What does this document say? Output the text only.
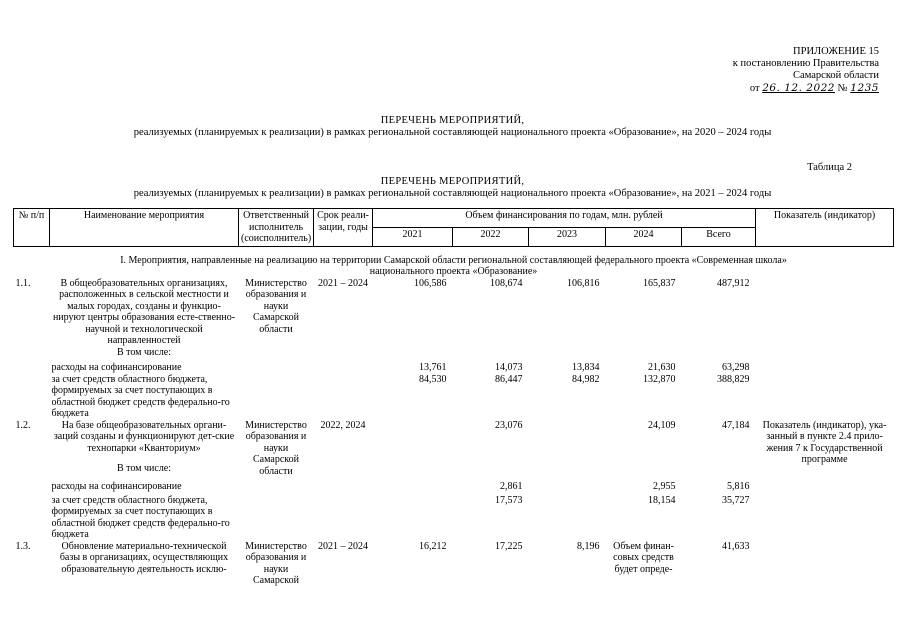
ПРИЛОЖЕНИЕ 15
к постановлению Правительства
Самарской области
от 26. 12. 2022 № 1235
ПЕРЕЧЕНЬ МЕРОПРИЯТИЙ,
реализуемых (планируемых к реализации) в рамках региональной составляющей национального проекта «Образование», на 2020 – 2024 годы
Таблица 2
ПЕРЕЧЕНЬ МЕРОПРИЯТИЙ,
реализуемых (планируемых к реализации) в рамках региональной составляющей национального проекта «Образование», на 2021 – 2024 годы
№ п/п	Наименование мероприятия	Ответственный исполнитель (соисполнитель)	Срок реали-зации, годы	Объем финансирования по годам, млн. рублей					Показатель (индикатор)
				2021	2022	2023	2024	Всего	
I. Мероприятия, направленные на реализацию на территории Самарской области региональной составляющей федерального проекта «Современная школа» национального проекта «Образование»									
1.1.	В общеобразовательных организациях, расположенных в сельской местности и малых городах, созданы и функцио-нируют центры образования есте-ственно-научной и технологической направленностей	Министерство образования и науки Самарской области	2021 – 2024	106,586	108,674	106,816	165,837	487,912	
	В том числе:								
	расходы на софинансирование			13,761	14,073	13,834	21,630	63,298	
	за счет средств областного бюджета, формируемых за счет поступающих в областной бюджет средств федерально-го бюджета			84,530	86,447	84,982	132,870	388,829	
1.2.	На базе общеобразовательных органи-заций созданы и функционируют дет-ские технопарки «Кванториум»	Министерство образования и науки Самарской области	2022, 2024		23,076		24,109	47,184	Показатель (индикатор), ука-занный в пункте 2.4 прило-жения 7 к Государственной программе
	В том числе:								
	расходы на софинансирование				2,861		2,955	5,816	
	за счет средств областного бюджета, формируемых за счет поступающих в областной бюджет средств федерально-го бюджета				17,573		18,154	35,727	
1.3.	Обновление материально-технической базы в организациях, осуществляющих образовательную деятельность исклю-	Министерство образования и науки Самарской	2021 – 2024	16,212	17,225	8,196	Объем финан-совых средств будет опреде-	41,633	
